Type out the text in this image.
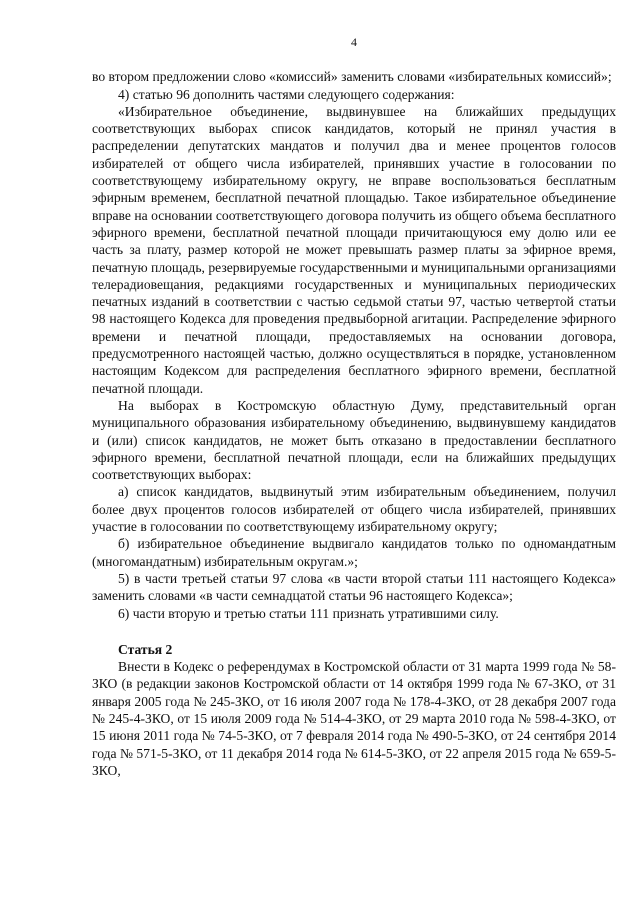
4

во втором предложении слово «комиссий» заменить словами «избирательных комиссий»;

4) статью 96 дополнить частями следующего содержания:

«Избирательное объединение, выдвинувшее на ближайших предыдущих соответствующих выборах список кандидатов, который не принял участия в распределении депутатских мандатов и получил два и менее процентов голосов избирателей от общего числа избирателей, принявших участие в голосовании по соответствующему избирательному округу, не вправе воспользоваться бесплатным эфирным временем, бесплатной печатной площадью. Такое избирательное объединение вправе на основании соответствующего договора получить из общего объема бесплатного эфирного времени, бесплатной печатной площади причитающуюся ему долю или ее часть за плату, размер которой не может превышать размер платы за эфирное время, печатную площадь, резервируемые государственными и муниципальными организациями телерадиовещания, редакциями государственных и муниципальных периодических печатных изданий в соответствии с частью седьмой статьи 97, частью четвертой статьи 98 настоящего Кодекса для проведения предвыборной агитации. Распределение эфирного времени и печатной площади, предоставляемых на основании договора, предусмотренного настоящей частью, должно осуществляться в порядке, установленном настоящим Кодексом для распределения бесплатного эфирного времени, бесплатной печатной площади.

На выборах в Костромскую областную Думу, представительный орган муниципального образования избирательному объединению, выдвинувшему кандидатов и (или) список кандидатов, не может быть отказано в предоставлении бесплатного эфирного времени, бесплатной печатной площади, если на ближайших предыдущих соответствующих выборах:

а) список кандидатов, выдвинутый этим избирательным объединением, получил более двух процентов голосов избирателей от общего числа избирателей, принявших участие в голосовании по соответствующему избирательному округу;

б) избирательное объединение выдвигало кандидатов только по одномандатным (многомандатным) избирательным округам.»;

5) в части третьей статьи 97 слова «в части второй статьи 111 настоящего Кодекса» заменить словами «в части семнадцатой статьи 96 настоящего Кодекса»;

6) части вторую и третью статьи 111 признать утратившими силу.

Статья 2

Внести в Кодекс о референдумах в Костромской области от 31 марта 1999 года № 58-ЗКО (в редакции законов Костромской области от 14 октября 1999 года № 67-ЗКО, от 31 января 2005 года № 245-ЗКО, от 16 июля 2007 года № 178-4-ЗКО, от 28 декабря 2007 года № 245-4-ЗКО, от 15 июля 2009 года № 514-4-ЗКО, от 29 марта 2010 года № 598-4-ЗКО, от 15 июня 2011 года № 74-5-ЗКО, от 7 февраля 2014 года № 490-5-ЗКО, от 24 сентября 2014 года № 571-5-ЗКО, от 11 декабря 2014 года № 614-5-ЗКО, от 22 апреля 2015 года № 659-5-ЗКО,
